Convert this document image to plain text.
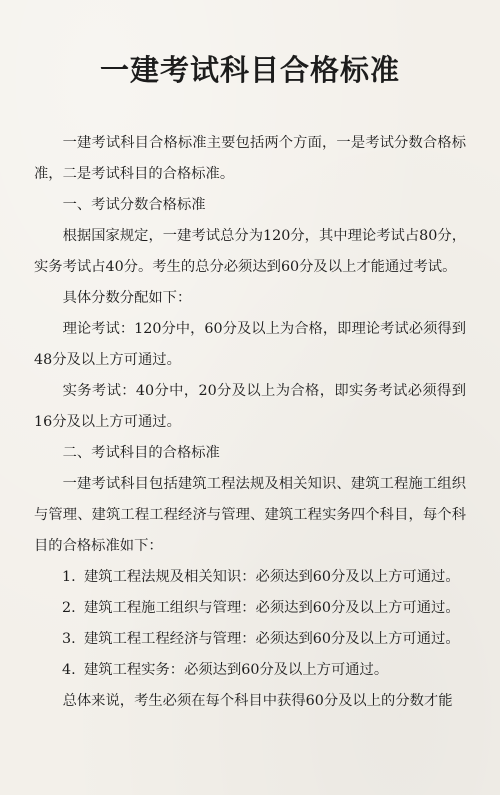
一建考试科目合格标准

一建考试科目合格标准主要包括两个方面，一是考试分数合格标准，二是考试科目的合格标准。

一、考试分数合格标准

根据国家规定，一建考试总分为120分，其中理论考试占80分，实务考试占40分。考生的总分必须达到60分及以上才能通过考试。

具体分数分配如下：

理论考试：120分中，60分及以上为合格，即理论考试必须得到48分及以上方可通过。

实务考试：40分中，20分及以上为合格，即实务考试必须得到16分及以上方可通过。

二、考试科目的合格标准

一建考试科目包括建筑工程法规及相关知识、建筑工程施工组织与管理、建筑工程工程经济与管理、建筑工程实务四个科目，每个科目的合格标准如下：

1. 建筑工程法规及相关知识：必须达到60分及以上方可通过。

2. 建筑工程施工组织与管理：必须达到60分及以上方可通过。

3. 建筑工程工程经济与管理：必须达到60分及以上方可通过。

4. 建筑工程实务：必须达到60分及以上方可通过。

总体来说，考生必须在每个科目中获得60分及以上的分数才能
